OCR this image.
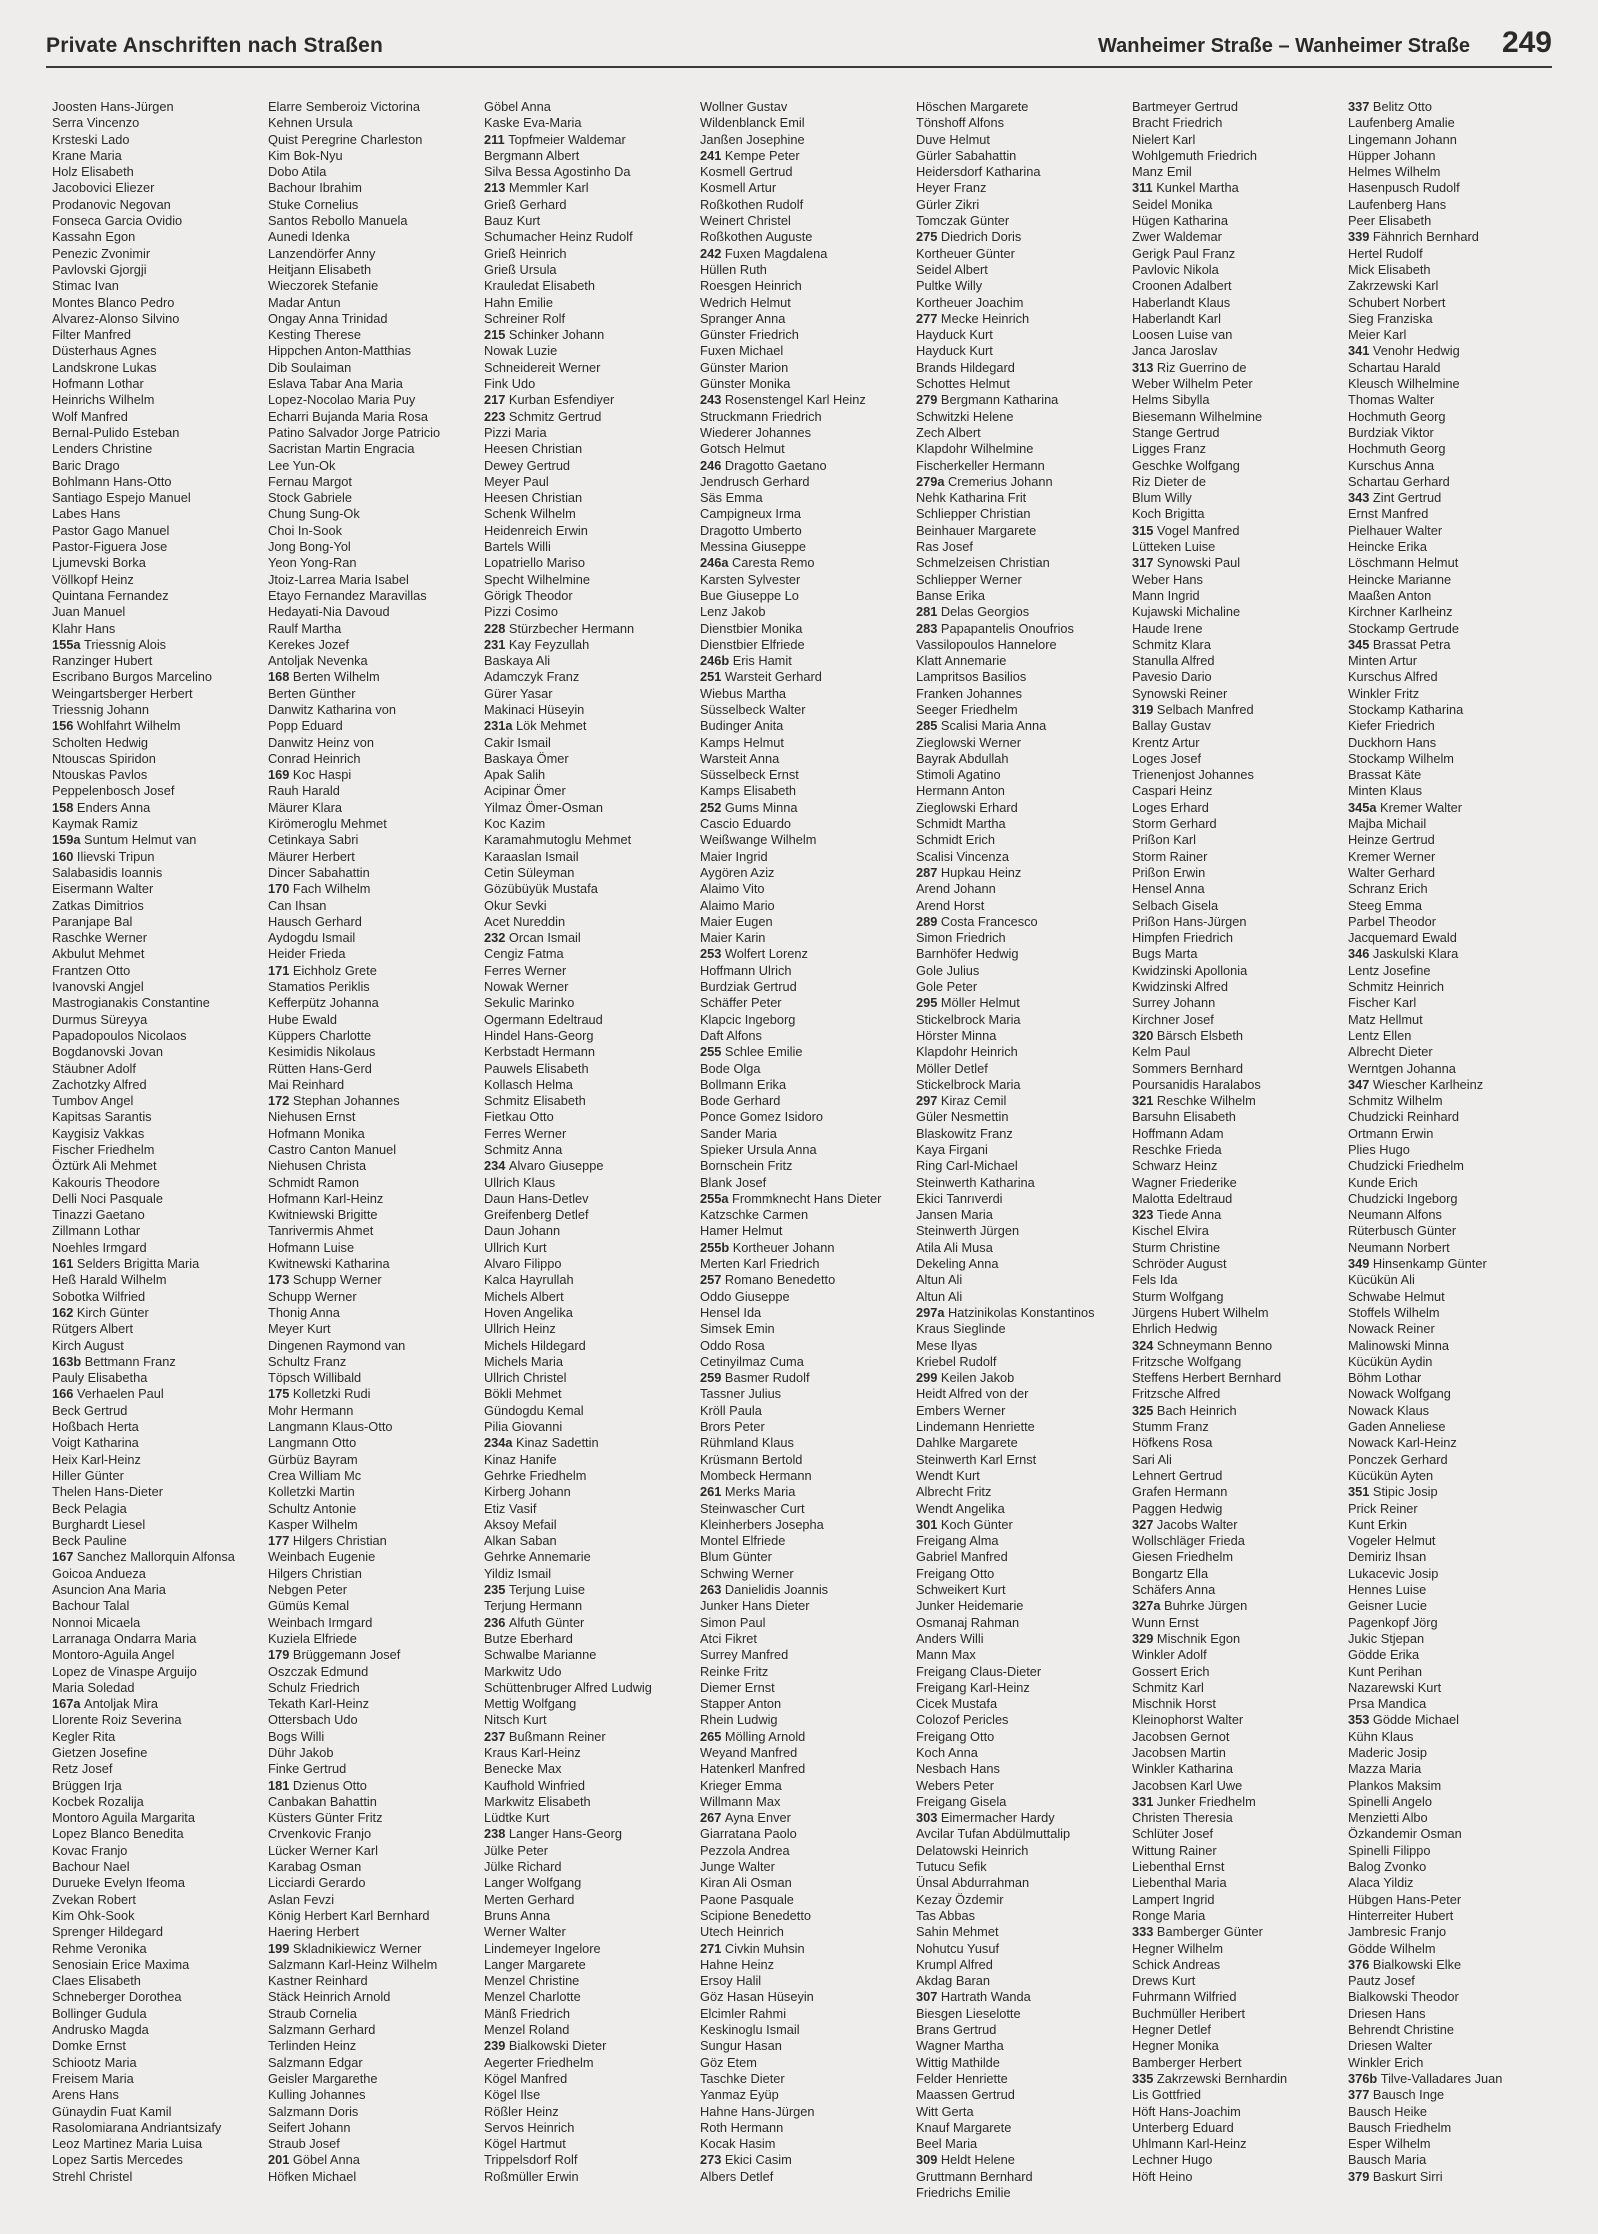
Private Anschriften nach Straßen	Wanheimer Straße – Wanheimer Straße 249
Joosten Hans-Jürgen
Serra Vincenzo
Krsteski Lado
Krane Maria
Holz Elisabeth
Jacobovici Eliezer
Prodanovic Negovan
Fonseca Garcia Ovidio
Kassahn Egon
Penezic Zvonimir
Pavlovski Gjorgji
Stimac Ivan
Montes Blanco Pedro
Alvarez-Alonso Silvino
Filter Manfred
Düsterhaus Agnes
Landskrone Lukas
Hofmann Lothar
Heinrichs Wilhelm
Wolf Manfred
Bernal-Pulido Esteban
Lenders Christine
Baric Drago
Bohlmann Hans-Otto
Santiago Espejo Manuel
Labes Hans
Pastor Gago Manuel
Pastor-Figuera Jose
Ljumevski Borka
Völlkopf Heinz
Quintana Fernandez
Juan Manuel
Klahr Hans
155a Triessnig Alois
Ranzinger Hubert
Escribano Burgos Marcelino
Weingartsberger Herbert
Triessnig Johann
156 Wohlfahrt Wilhelm
Scholten Hedwig
Ntouscas Spiridon
Ntouskas Pavlos
Peppelenbosch Josef
158 Enders Anna
Kaymak Ramiz
159a Suntum Helmut van
160 Ilievski Tripun
Salabasidis Ioannis
Eisermann Walter
Zatkas Dimitrios
Paranjape Bal
Raschke Werner
Akbulut Mehmet
Frantzen Otto
Ivanovski Angjel
Mastrogianakis Constantine
Durmus Süreyya
Papadopoulos Nicolaos
Bogdanovski Jovan
Stäubner Adolf
Zachotzky Alfred
Tumbov Angel
Kapitsas Sarantis
Kaygisiz Vakkas
Fischer Friedhelm
Öztürk Ali Mehmet
Kakouris Theodore
Delli Noci Pasquale
Tinazzi Gaetano
Zillmann Lothar
Noehles Irmgard
161 Selders Brigitta Maria
Heß Harald Wilhelm
Sobotka Wilfried
162 Kirch Günter
Rütgers Albert
Kirch August
163b Bettmann Franz
Pauly Elisabetha
166 Verhaelen Paul
Beck Gertrud
Hoßbach Herta
Voigt Katharina
Heix Karl-Heinz
Hiller Günter
Thelen Hans-Dieter
Beck Pelagia
Burghardt Liesel
Beck Pauline
167 Sanchez Mallorquin Alfonsa
Goicoa Andueza
Asuncion Ana Maria
Bachour Talal
Nonnoi Micaela
Larranaga Ondarra Maria
Montoro-Aguila Angel
Lopez de Vinaspe Arguijo
Maria Soledad
167a Antoljak Mira
Llorente Roiz Severina
Kegler Rita
Gietzen Josefine
Retz Josef
Brüggen Irja
Kocbek Rozalija
Montoro Aguila Margarita
Lopez Blanco Benedita
Kovac Franjo
Bachour Nael
Durueke Evelyn Ifeoma
Zvekan Robert
Kim Ohk-Sook
Sprenger Hildegard
Rehme Veronika
Senosiain Erice Maxima
Claes Elisabeth
Schneberger Dorothea
Bollinger Gudula
Andrusko Magda
Domke Ernst
Schiootz Maria
Freisem Maria
Arens Hans
Günaydin Fuat Kamil
Rasolomiarana Andriantsizafy
Leoz Martinez Maria Luisa
Lopez Sartis Mercedes
Strehl Christel
Elarre Semberoiz Victorina
Kehnen Ursula
Quist Peregrine Charleston
Kim Bok-Nyu
Dobo Atila
Bachour Ibrahim
Stuke Cornelius
Santos Rebollo Manuela
Aunedi Idenka
Lanzendörfer Anny
Heitjann Elisabeth
Wieczorek Stefanie
Madar Antun
Ongay Anna Trinidad
Kesting Therese
Hippchen Anton-Matthias
Dib Soulaiman
Eslava Tabar Ana Maria
Lopez-Nocolao Maria Puy
Echarri Bujanda Maria Rosa
Patino Salvador Jorge Patricio
Sacristan Martin Engracia
Lee Yun-Ok
Fernau Margot
Stock Gabriele
Chung Sung-Ok
Choi In-Sook
Jong Bong-Yol
Yeon Yong-Ran
Jtoiz-Larrea Maria Isabel
Etayo Fernandez Maravillas
Hedayati-Nia Davoud
Raulf Martha
Kerekes Jozef
Antoljak Nevenka
168 Berten Wilhelm
Berten Günther
Danwitz Katharina von
Popp Eduard
Danwitz Heinz von
Conrad Heinrich
169 Koc Haspi
Rauh Harald
Mäurer Klara
Kirömeroglu Mehmet
Cetinkaya Sabri
Mäurer Herbert
Dincer Sabahattin
170 Fach Wilhelm
Can Ihsan
Hausch Gerhard
Aydogdu Ismail
Heider Frieda
171 Eichholz Grete
Stamatios Periklis
Kefferpütz Johanna
Hube Ewald
Küppers Charlotte
Kesimidis Nikolaus
Rütten Hans-Gerd
Mai Reinhard
172 Stephan Johannes
Niehusen Ernst
Hofmann Monika
Castro Canton Manuel
Niehusen Christa
Schmidt Ramon
Hofmann Karl-Heinz
Kwitniewski Brigitte
Tanrivermis Ahmet
Hofmann Luise
Kwitnewski Katharina
173 Schupp Werner
Schupp Werner
Thonig Anna
Meyer Kurt
Dingenen Raymond van
Schultz Franz
Töpsch Willibald
175 Kolletzki Rudi
Mohr Hermann
Langmann Klaus-Otto
Langmann Otto
Gürbüz Bayram
Crea William Mc
Kolletzki Martin
Schultz Antonie
Kasper Wilhelm
177 Hilgers Christian
Weinbach Eugenie
Hilgers Christian
Nebgen Peter
Gümüs Kemal
Weinbach Irmgard
Kuziela Elfriede
179 Brüggemann Josef
Oszczak Edmund
Schulz Friedrich
Tekath Karl-Heinz
Ottersbach Udo
Bogs Willi
Dühr Jakob
Finke Gertrud
181 Dzienus Otto
Canbakan Bahattin
Küsters Günter Fritz
Crvenkovic Franjo
Lücker Werner Karl
Karabag Osman
Licciardi Gerardo
Aslan Fevzi
König Herbert Karl Bernhard
Haering Herbert
199 Skladnikiewicz Werner
Salzmann Karl-Heinz Wilhelm
Kastner Reinhard
Stäck Heinrich Arnold
Straub Cornelia
Salzmann Gerhard
Terlinden Heinz
Salzmann Edgar
Geisler Margarethe
Kulling Johannes
Salzmann Doris
Seifert Johann
Straub Josef
201 Göbel Anna
Höfken Michael
Göbel Anna
Kaske Eva-Maria
211 Topfmeier Waldemar
Bergmann Albert
Silva Bessa Agostinho Da
213 Memmler Karl
Grieß Gerhard
Bauz Kurt
Schumacher Heinz Rudolf
Grieß Heinrich
Grieß Ursula
Krauledat Elisabeth
Hahn Emilie
Schreiner Rolf
215 Schinker Johann
Nowak Luzie
Schneidereit Werner
Fink Udo
217 Kurban Esfendiyer
223 Schmitz Gertrud
Pizzi Maria
Heesen Christian
Dewey Gertrud
Meyer Paul
Heesen Christian
Schenk Wilhelm
Heidenreich Erwin
Bartels Willi
Lopatriello Mariso
Specht Wilhelmine
Görigk Theodor
Pizzi Cosimo
228 Stürzbecher Hermann
231 Kay Feyzullah
Baskaya Ali
Adamczyk Franz
Gürer Yasar
Makinaci Hüseyin
231a Lök Mehmet
Cakir Ismail
Baskaya Ömer
Apak Salih
Acipinar Ömer
Yilmaz Ömer-Osman
Koc Kazim
Karamahmutoglu Mehmet
Karaaslan Ismail
Cetin Süleyman
Gözübüyük Mustafa
Okur Sevki
Acet Nureddin
232 Orcan Ismail
Cengiz Fatma
Ferres Werner
Nowak Werner
Sekulic Marinko
Ogermann Edeltraud
Hindel Hans-Georg
Kerbstadt Hermann
Pauwels Elisabeth
Kollasch Helma
Schmitz Elisabeth
Fietkau Otto
Ferres Werner
Schmitz Anna
234 Alvaro Giuseppe
Ullrich Klaus
Daun Hans-Detlev
Greifenberg Detlef
Daun Johann
Ullrich Kurt
Alvaro Filippo
Kalca Hayrullah
Michels Albert
Hoven Angelika
Ullrich Heinz
Michels Hildegard
Michels Maria
Ullrich Christel
Bökli Mehmet
Gündogdu Kemal
Pilia Giovanni
234a Kinaz Sadettin
Kinaz Hanife
Gehrke Friedhelm
Kirberg Johann
Etiz Vasif
Aksoy Mefail
Alkan Saban
Gehrke Annemarie
Yildiz Ismail
235 Terjung Luise
Terjung Hermann
236 Alfuth Günter
Butze Eberhard
Schwalbe Marianne
Markwitz Udo
Schüttenbruger Alfred Ludwig
Mettig Wolfgang
Nitsch Kurt
237 Bußmann Reiner
Kraus Karl-Heinz
Benecke Max
Kaufhold Winfried
Markwitz Elisabeth
Lüdtke Kurt
238 Langer Hans-Georg
Jülke Peter
Jülke Richard
Langer Wolfgang
Merten Gerhard
Bruns Anna
Werner Walter
Lindemeyer Ingelore
Langer Margarete
Menzel Christine
Menzel Charlotte
Mänß Friedrich
Menzel Roland
239 Bialkowski Dieter
Aegerter Friedhelm
Kögel Manfred
Kögel Ilse
Rößler Heinz
Servos Heinrich
Kögel Hartmut
Trippelsdorf Rolf
Roßmüller Erwin
Wollner Gustav
Wildenblanck Emil
Janßen Josephine
241 Kempe Peter
Kosmell Gertrud
Kosmell Artur
Roßkothen Rudolf
Weinert Christel
Roßkothen Auguste
242 Fuxen Magdalena
Hüllen Ruth
Roesgen Heinrich
Wedrich Helmut
Spranger Anna
Günster Friedrich
Fuxen Michael
Günster Marion
Günster Monika
243 Rosenstengel Karl Heinz
Struckmann Friedrich
Wiederer Johannes
Gotsch Helmut
246 Dragotto Gaetano
Jendrusch Gerhard
Säs Emma
Campigneux Irma
Dragotto Umberto
Messina Giuseppe
246a Caresta Remo
Karsten Sylvester
Bue Giuseppe Lo
Lenz Jakob
Dienstbier Monika
Dienstbier Elfriede
246b Eris Hamit
251 Warsteit Gerhard
Wiebus Martha
Süsselbeck Walter
Budinger Anita
Kamps Helmut
Warsteit Anna
Süsselbeck Ernst
Kamps Elisabeth
252 Gums Minna
Cascio Eduardo
Weißwange Wilhelm
Maier Ingrid
Aygören Aziz
Alaimo Vito
Alaimo Mario
Maier Eugen
Maier Karin
253 Wolfert Lorenz
Hoffmann Ulrich
Burdziak Gertrud
Schäffer Peter
Klapcic Ingeborg
Daft Alfons
255 Schlee Emilie
Bode Olga
Bollmann Erika
Bode Gerhard
Ponce Gomez Isidoro
Sander Maria
Spieker Ursula Anna
Bornschein Fritz
Blank Josef
255a Frommknecht Hans Dieter
Katzschke Carmen
Hamer Helmut
255b Kortheuer Johann
Merten Karl Friedrich
257 Romano Benedetto
Oddo Giuseppe
Hensel Ida
Simsek Emin
Oddo Rosa
Cetinyilmaz Cuma
259 Basmer Rudolf
Tassner Julius
Kröll Paula
Brors Peter
Rühmland Klaus
Krüsmann Bertold
Mombeck Hermann
261 Merks Maria
Steinwascher Curt
Kleinherbers Josepha
Montel Elfriede
Blum Günter
Schwing Werner
263 Danielidis Joannis
Junker Hans Dieter
Simon Paul
Atci Fikret
Surrey Manfred
Reinke Fritz
Diemer Ernst
Stapper Anton
Rhein Ludwig
265 Mölling Arnold
Weyand Manfred
Hatenkerl Manfred
Krieger Emma
Willmann Max
267 Ayna Enver
Giarratana Paolo
Pezzola Andrea
Junge Walter
Kiran Ali Osman
Paone Pasquale
Scipione Benedetto
Utech Heinrich
271 Civkin Muhsin
Hahne Heinz
Ersoy Halil
Göz Hasan Hüseyin
Elcimler Rahmi
Keskinoglu Ismail
Sungur Hasan
Göz Etem
Taschke Dieter
Yanmaz Eyüp
Hahne Hans-Jürgen
Roth Hermann
Kocak Hasim
273 Ekici Casim
Albers Detlef
Höschen Margarete
Tönshoff Alfons
Duve Helmut
Gürler Sabahattin
Heidersdorf Katharina
Heyer Franz
Gürler Zikri
Tomczak Günter
275 Diedrich Doris
Kortheuer Günter
Seidel Albert
Pultke Willy
Kortheuer Joachim
277 Mecke Heinrich
Hayduck Kurt
Hayduck Kurt
Brands Hildegard
Schottes Helmut
279 Bergmann Katharina
Schwitzki Helene
Zech Albert
Klapdohr Wilhelmine
Fischerkeller Hermann
279a Cremerius Johann
Nehk Katharina Frit
Schliepper Christian
Beinhauer Margarete
Ras Josef
Schmelzeisen Christian
Schliepper Werner
Banse Erika
281 Delas Georgios
283 Papapantelis Onoufrios
Vassilopoulos Hannelore
Klatt Annemarie
Lampritsos Basilios
Franken Johannes
Seeger Friedhelm
285 Scalisi Maria Anna
Zieglowski Werner
Bayrak Abdullah
Stimoli Agatino
Hermann Anton
Zieglowski Erhard
Schmidt Martha
Schmidt Erich
Scalisi Vincenza
287 Hupkau Heinz
Arend Johann
Arend Horst
289 Costa Francesco
Simon Friedrich
Barnhöfer Hedwig
Gole Julius
Gole Peter
295 Möller Helmut
Stickelbrock Maria
Hörster Minna
Klapdohr Heinrich
Möller Detlef
Stickelbrock Maria
297 Kiraz Cemil
Güler Nesmettin
Blaskowitz Franz
Kaya Firgani
Ring Carl-Michael
Steinwerth Katharina
Ekici Tanrıverdi
Jansen Maria
Steinwerth Jürgen
Atila Ali Musa
Dekeling Anna
Altun Ali
Altun Ali
297a Hatzinikolas Konstantinos
Kraus Sieglinde
Mese Ilyas
Kriebel Rudolf
299 Keilen Jakob
Heidt Alfred von der
Embers Werner
Lindemann Henriette
Dahlke Margarete
Steinwerth Karl Ernst
Wendt Kurt
Albrecht Fritz
Wendt Angelika
301 Koch Günter
Freigang Alma
Gabriel Manfred
Freigang Otto
Schweikert Kurt
Junker Heidemarie
Osmanaj Rahman
Anders Willi
Mann Max
Freigang Claus-Dieter
Freigang Karl-Heinz
Cicek Mustafa
Colozof Pericles
Freigang Otto
Koch Anna
Nesbach Hans
Webers Peter
Freigang Gisela
303 Eimermacher Hardy
Avcilar Tufan Abdülmuttalip
Delatowski Heinrich
Tutucu Sefik
Ünsal Abdurrahman
Kezay Özdemir
Tas Abbas
Sahin Mehmet
Nohutcu Yusuf
Krumpl Alfred
Akdag Baran
307 Hartrath Wanda
Biesgen Lieselotte
Brans Gertrud
Wagner Martha
Wittig Mathilde
Felder Henriette
Maassen Gertrud
Witt Gerta
Knauf Margarete
Beel Maria
309 Heldt Helene
Gruttmann Bernhard
Friedrichs Emilie
Bartmeyer Gertrud
Bracht Friedrich
Nielert Karl
Wohlgemuth Friedrich
Manz Emil
311 Kunkel Martha
Seidel Monika
Hügen Katharina
Zwer Waldemar
Gerigk Paul Franz
Pavlovic Nikola
Croonen Adalbert
Haberlandt Klaus
Haberlandt Karl
Loosen Luise van
Janca Jaroslav
313 Riz Guerrino de
Weber Wilhelm Peter
Helms Sibylla
Biesemann Wilhelmine
Stange Gertrud
Ligges Franz
Geschke Wolfgang
Riz Dieter de
Blum Willy
Koch Brigitta
315 Vogel Manfred
Lütteken Luise
317 Synowski Paul
Weber Hans
Mann Ingrid
Kujawski Michaline
Haude Irene
Schmitz Klara
Stanulla Alfred
Pavesio Dario
Synowski Reiner
319 Selbach Manfred
Ballay Gustav
Krentz Artur
Loges Josef
Trienenjost Johannes
Caspari Heinz
Loges Erhard
Storm Gerhard
Prißon Karl
Storm Rainer
Prißon Erwin
Hensel Anna
Selbach Gisela
Prißon Hans-Jürgen
Himpfen Friedrich
Bugs Marta
Kwidzinski Apollonia
Kwidzinski Alfred
Surrey Johann
Kirchner Josef
320 Bärsch Elsbeth
Kelm Paul
Sommers Bernhard
Poursanidis Haralabos
321 Reschke Wilhelm
Barsuhn Elisabeth
Hoffmann Adam
Reschke Frieda
Schwarz Heinz
Wagner Friederike
Malotta Edeltraud
323 Tiede Anna
Kischel Elvira
Sturm Christine
Schröder August
Fels Ida
Sturm Wolfgang
Jürgens Hubert Wilhelm
Ehrlich Hedwig
324 Schneymann Benno
Fritzsche Wolfgang
Steffens Herbert Bernhard
Fritzsche Alfred
325 Bach Heinrich
Stumm Franz
Höfkens Rosa
Sari Ali
Lehnert Gertrud
Grafen Hermann
Paggen Hedwig
327 Jacobs Walter
Wollschläger Frieda
Giesen Friedhelm
Bongartz Ella
Schäfers Anna
327a Buhrke Jürgen
Wunn Ernst
329 Mischnik Egon
Winkler Adolf
Gossert Erich
Schmitz Karl
Mischnik Horst
Kleinophorst Walter
Jacobsen Gernot
Jacobsen Martin
Winkler Katharina
Jacobsen Karl Uwe
331 Junker Friedhelm
Christen Theresia
Schlüter Josef
Wittung Rainer
Liebenthal Ernst
Liebenthal Maria
Lampert Ingrid
Ronge Maria
333 Bamberger Günter
Hegner Wilhelm
Schick Andreas
Drews Kurt
Fuhrmann Wilfried
Buchmüller Heribert
Hegner Detlef
Hegner Monika
Bamberger Herbert
335 Zakrzewski Bernhardin
Lis Gottfried
Höft Hans-Joachim
Unterberg Eduard
Uhlmann Karl-Heinz
Lechner Hugo
Höft Heino
337 Belitz Otto
Laufenberg Amalie
Lingemann Johann
Hüpper Johann
Helmes Wilhelm
Hasenpusch Rudolf
Laufenberg Hans
Peer Elisabeth
339 Fähnrich Bernhard
Hertel Rudolf
Mick Elisabeth
Zakrzewski Karl
Schubert Norbert
Sieg Franziska
Meier Karl
341 Venohr Hedwig
Schartau Harald
Kleusch Wilhelmine
Thomas Walter
Hochmuth Georg
Burdziak Viktor
Hochmuth Georg
Kurschus Anna
Schartau Gerhard
343 Zint Gertrud
Ernst Manfred
Pielhauer Walter
Heincke Erika
Löschmann Helmut
Heincke Marianne
Maaßen Anton
Kirchner Karlheinz
Stockamp Gertrude
345 Brassat Petra
Minten Artur
Kurschus Alfred
Winkler Fritz
Stockamp Katharina
Kiefer Friedrich
Duckhorn Hans
Stockamp Wilhelm
Brassat Käte
Minten Klaus
345a Kremer Walter
Majba Michail
Heinze Gertrud
Kremer Werner
Walter Gerhard
Schranz Erich
Steeg Emma
Parbel Theodor
Jacquemard Ewald
346 Jaskulski Klara
Lentz Josefine
Schmitz Heinrich
Fischer Karl
Matz Hellmut
Lentz Ellen
Albrecht Dieter
Werntgen Johanna
347 Wiescher Karlheinz
Schmitz Wilhelm
Chudzicki Reinhard
Ortmann Erwin
Plies Hugo
Chudzicki Friedhelm
Kunde Erich
Chudzicki Ingeborg
Neumann Alfons
Rüterbusch Günter
Neumann Norbert
349 Hinsenkamp Günter
Kücükün Ali
Schwabe Helmut
Stoffels Wilhelm
Nowack Reiner
Malinowski Minna
Kücükün Aydin
Böhm Lothar
Nowack Wolfgang
Nowack Klaus
Gaden Anneliese
Nowack Karl-Heinz
Ponczek Gerhard
Kücükün Ayten
351 Stipic Josip
Prick Reiner
Kunt Erkin
Vogeler Helmut
Demiriz Ihsan
Lukacevic Josip
Hennes Luise
Geisner Lucie
Pagenkopf Jörg
Jukic Stjepan
Gödde Erika
Kunt Perihan
Nazarewski Kurt
Prsa Mandica
353 Gödde Michael
Kühn Klaus
Maderic Josip
Mazza Maria
Plankos Maksim
Spinelli Angelo
Menzietti Albo
Özkandemir Osman
Spinelli Filippo
Balog Zvonko
Alaca Yildiz
Hübgen Hans-Peter
Hinterreiter Hubert
Jambresic Franjo
Gödde Wilhelm
376 Bialkowski Elke
Pautz Josef
Bialkowski Theodor
Driesen Hans
Behrendt Christine
Driesen Walter
Winkler Erich
376b Tilve-Valladares Juan
377 Bausch Inge
Bausch Heike
Bausch Friedhelm
Esper Wilhelm
Bausch Maria
379 Baskurt Sirri
